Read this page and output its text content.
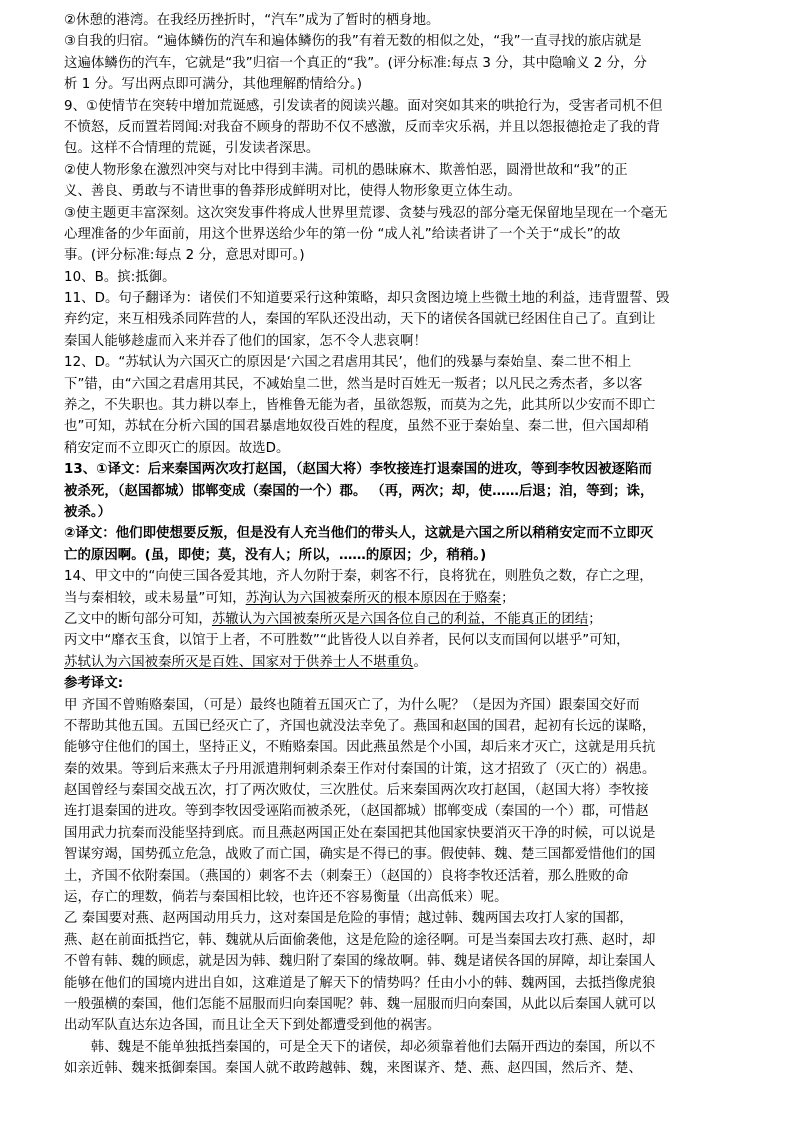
②休憩的港湾。在我经历挫折时，“汽车”成为了暂时的栖身地。
③自我的归宿。“遍体鳞伤的汽车和遍体鳞伤的我”有着无数的相似之处，“我”一直寻找的旅店就是
这遍体鳞伤的汽车，它就是“我”归宿一个真正的“我”。(评分标准:每点 3 分，其中隐喻义 2 分，分
析 1 分。写出两点即可满分，其他理解酌情给分。)
9、①使情节在突转中增加荒诞感，引发读者的阅读兴趣。面对突如其来的哄抢行为，受害者司机不但
不愤怒，反而置若罔闻:对我奋不顾身的帮助不仅不感激，反而幸灾乐祸，并且以怨报德抢走了我的背
包。这样不合情理的荒诞，引发读者深思。
②使人物形象在激烈冲突与对比中得到丰满。司机的愚昧麻木、欺善怕恶，圆滑世故和“我”的正
义、善良、勇敢与不请世事的鲁莽形成鲜明对比，使得人物形象更立体生动。
③使主题更丰富深刻。这次突发事件将成人世界里荒谬、贪婪与残忍的部分毫无保留地呈现在一个毫无
心理准备的少年面前，用这个世界送给少年的第一份 “成人礼”给读者讲了一个关于“成长”的故
事。(评分标准:每点 2 分，意思对即可。)
10、B。摈:抵御。
11、D。句子翻译为：诸侯们不知道要采行这种策略，却只贪图边境上些微土地的利益，违背盟誓、毁
弃约定，来互相残杀同阵营的人，秦国的军队还没出动，天下的诸侯各国就已经困住自己了。直到让
秦国人能够趁虚而入来并吞了他们的国家，怎不令人悲哀啊！
12、D。“苏轼认为六国灭亡的原因是‘六国之君虐用其民’，他们的残暴与秦始皇、秦二世不相上
下”错，由“六国之君虐用其民，不减始皇二世，然当是时百姓无一叛者；以凡民之秀杰者，多以客
养之，不失职也。其力耕以奉上，皆椎鲁无能为者，虽欲怨叛，而莫为之先，此其所以少安而不即亡
也”可知，苏轼在分析六国的国君暴虐地奴役百姓的程度，虽然不亚于秦始皇、秦二世，但六国却稍
稍安定而不立即灭亡的原因。故选D。
13、①译文：后来秦国两次攻打赵国，（赵国大将）李牧接连打退秦国的进攻，等到李牧因被逐陷而
被杀死，（赵国都城）邯郸变成（秦国的一个）郡。 （再，两次；却，使……后退；洎，等到；诛，
被杀。）
②译文：他们即使想要反叛，但是没有人充当他们的带头人，这就是六国之所以稍稍安定而不立即灭
亡的原因啊。(虽，即使；莫，没有人；所以，……的原因；少，稍稍。)
14、甲文中的“向使三国各爱其地，齐人勿附于秦，刺客不行，良将犹在，则胜负之数，存亡之理，
当与秦相较，或未易量”可知，苏洵认为六国被秦所灭的根本原因在于赂秦；
乙文中的断句部分可知，苏辙认为六国被秦所灭是六国各位自己的利益，不能真正的团结；
丙文中“靡衣玉食，以馆于上者，不可胜数”“此皆役人以自养者，民何以支而国何以堪乎”可知，
苏轼认为六国被秦所灭是百姓、国家对于供养士人不堪重负。
参考译文:
甲 齐国不曾贿赂秦国，（可是）最终也随着五国灭亡了，为什么呢？（是因为齐国）跟秦国交好而
不帮助其他五国。五国已经灭亡了，齐国也就没法幸免了。燕国和赵国的国君，起初有长远的谋略，
能够守住他们的国土，坚持正义，不贿赂秦国。因此燕虽然是个小国，却后来才灭亡，这就是用兵抗
秦的效果。等到后来燕太子丹用派遣荆轲刺杀秦王作对付秦国的计策，这才招致了（灭亡的）祸患。
赵国曾经与秦国交战五次，打了两次败仗，三次胜仗。后来秦国两次攻打赵国，（赵国大将）李牧接
连打退秦国的进攻。等到李牧因受诬陷而被杀死，（赵国都城）邯郸变成（秦国的一个）郡，可惜赵
国用武力抗秦而没能坚持到底。而且燕赵两国正处在秦国把其他国家快要消灭干净的时候，可以说是
智谋穷竭，国势孤立危急，战败了而亡国，确实是不得已的事。假使韩、魏、楚三国都爱惜他们的国
土，齐国不依附秦国。（燕国的）刺客不去（刺秦王）（赵国的）良将李牧还活着，那么胜败的命
运，存亡的理数，倘若与秦国相比较，也许还不容易衡量（出高低来）呢。
乙 秦国要对燕、赵两国动用兵力，这对秦国是危险的事情；越过韩、魏两国去攻打人家的国都，
燕、赵在前面抵挡它，韩、魏就从后面偷袭他，这是危险的途径啊。可是当秦国去攻打燕、赵时，却
不曾有韩、魏的顾虑，就是因为韩、魏归附了秦国的缘故啊。韩、魏是诸侯各国的屏障，却让秦国人
能够在他们的国境内进出自如，这难道是了解天下的情势吗？任由小小的韩、魏两国，去抵挡像虎狼
一般强横的秦国，他们怎能不屈服而归向秦国呢？韩、魏一屈服而归向秦国，从此以后秦国人就可以
出动军队直达东边各国，而且让全天下到处都遭受到他的祸害。
韩、魏是不能单独抵挡秦国的，可是全天下的诸侯，却必须靠着他们去隔开西边的秦国，所以不
如亲近韩、魏来抵御秦国。秦国人就不敢跨越韩、魏，来图谋齐、楚、燕、赵四国，然后齐、楚、
